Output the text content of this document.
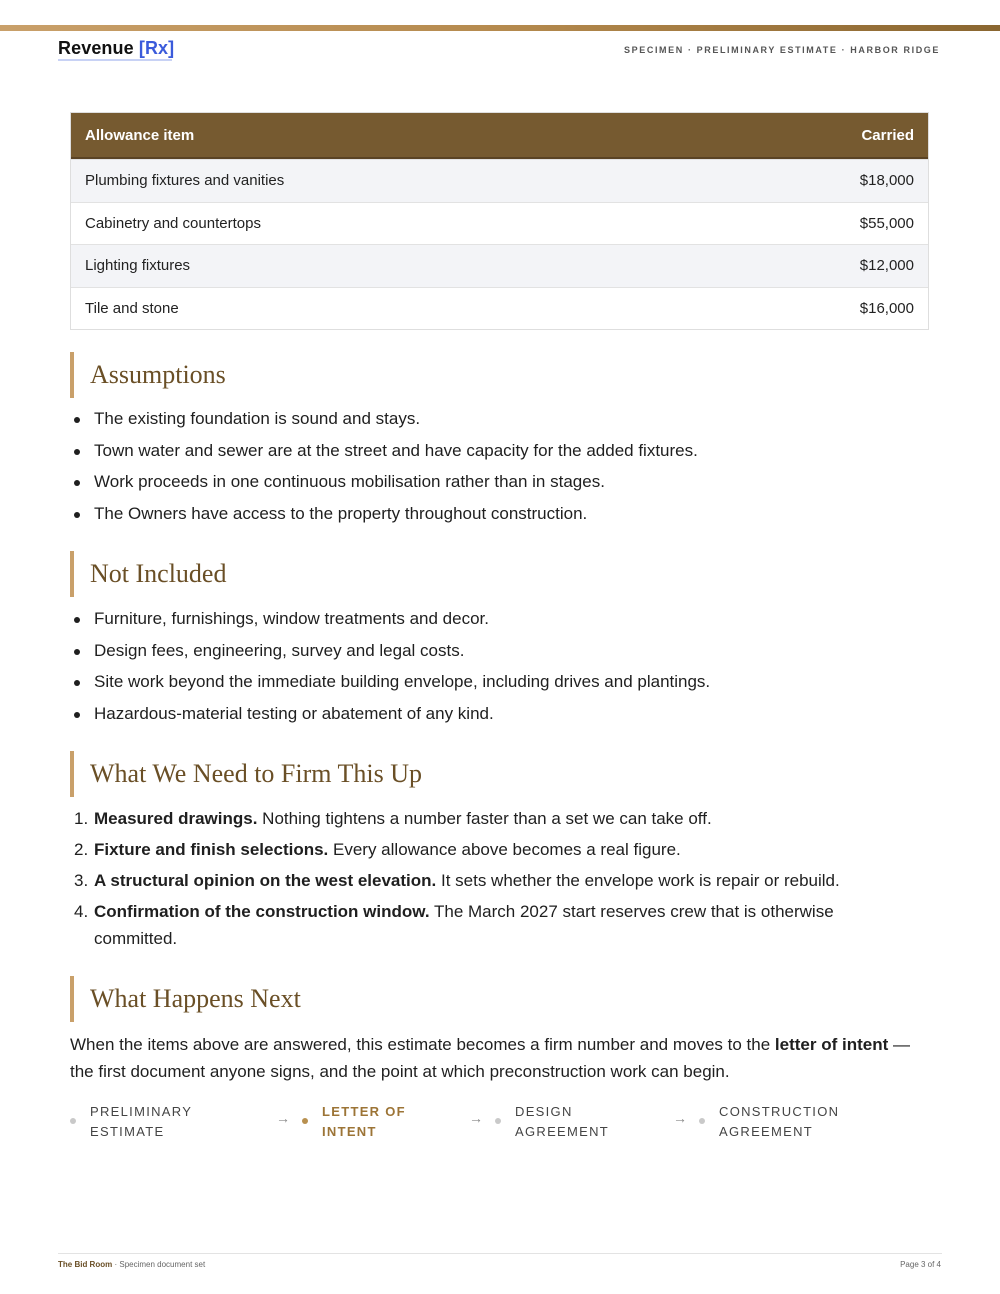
Revenue [Rx]	SPECIMEN · PRELIMINARY ESTIMATE · HARBOR RIDGE
Allowance item	Carried
Plumbing fixtures and vanities	$18,000
Cabinetry and countertops	$55,000
Lighting fixtures	$12,000
Tile and stone	$16,000
Assumptions
The existing foundation is sound and stays.
Town water and sewer are at the street and have capacity for the added fixtures.
Work proceeds in one continuous mobilisation rather than in stages.
The Owners have access to the property throughout construction.
Not Included
Furniture, furnishings, window treatments and decor.
Design fees, engineering, survey and legal costs.
Site work beyond the immediate building envelope, including drives and plantings.
Hazardous-material testing or abatement of any kind.
What We Need to Firm This Up
1. Measured drawings. Nothing tightens a number faster than a set we can take off.
2. Fixture and finish selections. Every allowance above becomes a real figure.
3. A structural opinion on the west elevation. It sets whether the envelope work is repair or rebuild.
4. Confirmation of the construction window. The March 2027 start reserves crew that is otherwise committed.
What Happens Next

When the items above are answered, this estimate becomes a firm number and moves to the letter of intent — the first document anyone signs, and the point at which preconstruction work can begin.

PRELIMINARY
ESTIMATE
→ LETTER OF
INTENT
→ DESIGN
AGREEMENT
→ CONSTRUCTION
AGREEMENT
The Bid Room · Specimen document set	Page 3 of 4
